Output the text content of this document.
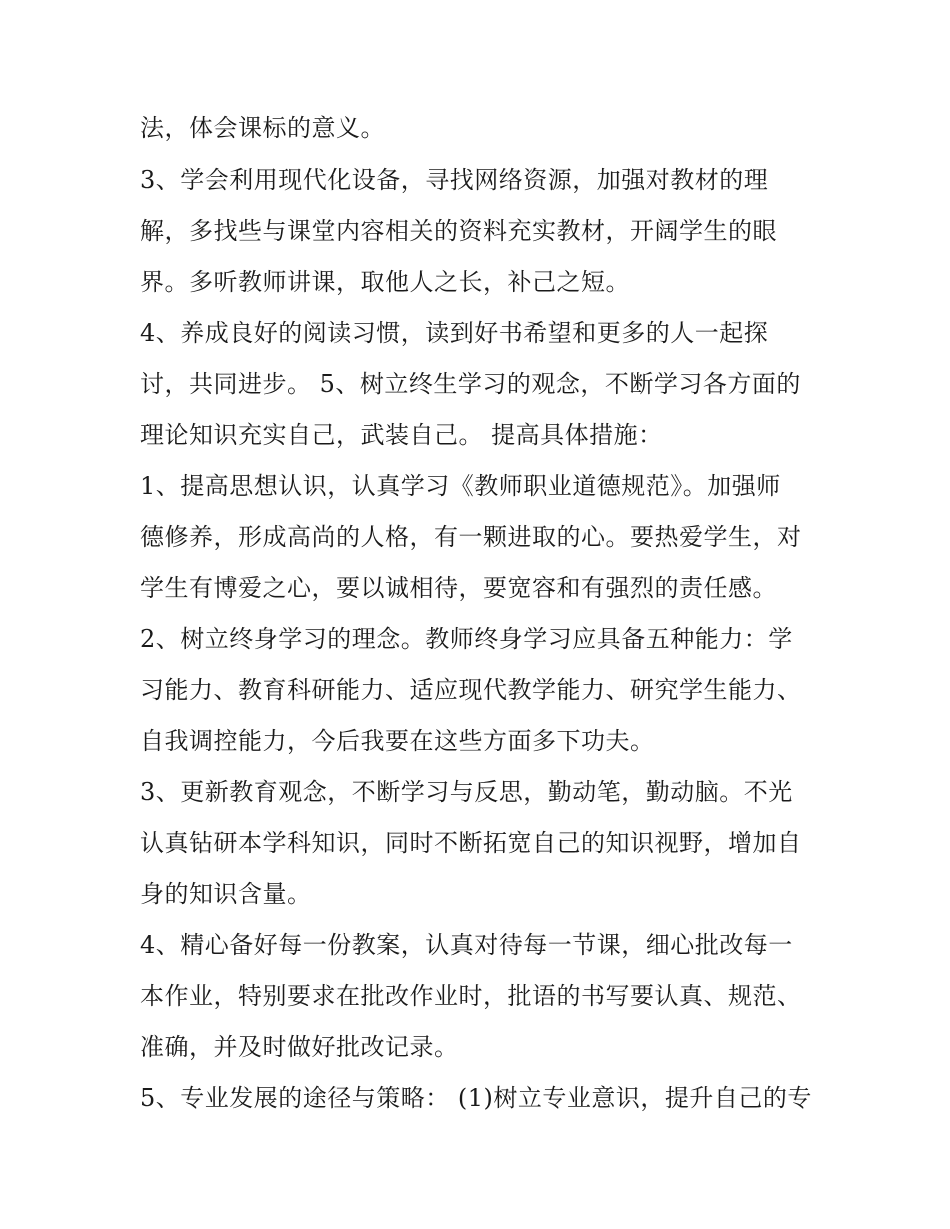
法，体会课标的意义。
3、学会利用现代化设备，寻找网络资源，加强对教材的理
解，多找些与课堂内容相关的资料充实教材，开阔学生的眼
界。多听教师讲课，取他人之长，补己之短。
4、养成良好的阅读习惯，读到好书希望和更多的人一起探
讨，共同进步。 5、树立终生学习的观念，不断学习各方面的
理论知识充实自己，武装自己。 提高具体措施：
1、提高思想认识，认真学习《教师职业道德规范》。加强师
德修养，形成高尚的人格，有一颗进取的心。要热爱学生，对
学生有博爱之心，要以诚相待，要宽容和有强烈的责任感。
2、树立终身学习的理念。教师终身学习应具备五种能力：学
习能力、教育科研能力、适应现代教学能力、研究学生能力、
自我调控能力，今后我要在这些方面多下功夫。
3、更新教育观念，不断学习与反思，勤动笔，勤动脑。不光
认真钻研本学科知识，同时不断拓宽自己的知识视野，增加自
身的知识含量。
4、精心备好每一份教案，认真对待每一节课，细心批改每一
本作业，特别要求在批改作业时，批语的书写要认真、规范、
准确，并及时做好批改记录。
5、专业发展的途径与策略： (1)树立专业意识，提升自己的专
